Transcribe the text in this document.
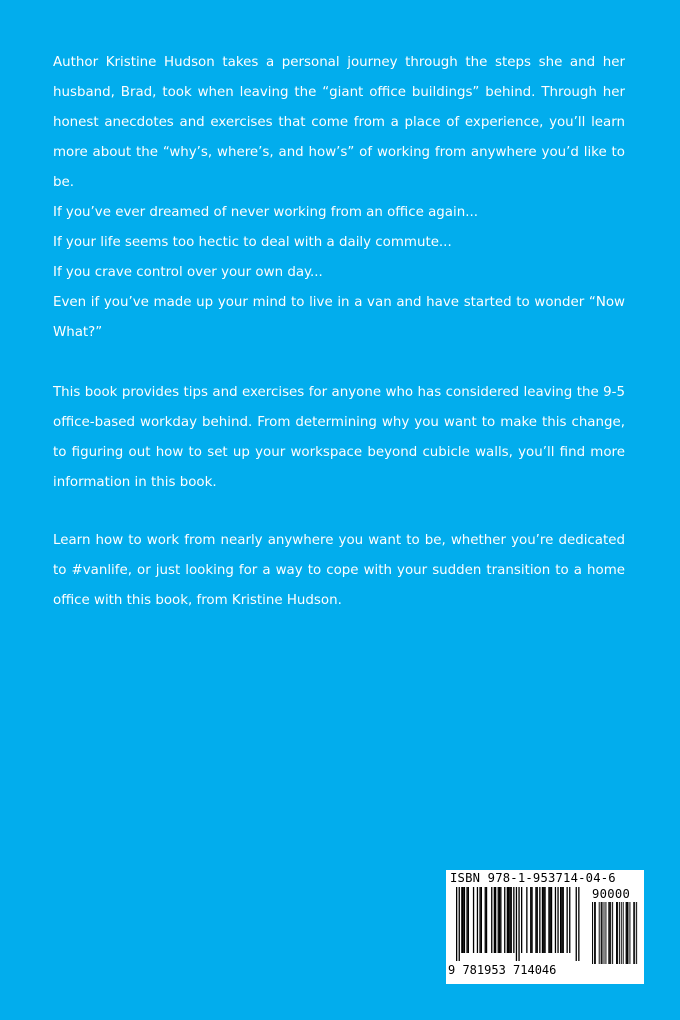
Author Kristine Hudson takes a personal journey through the steps she and her husband, Brad, took when leaving the “giant office buildings” behind. Through her honest anecdotes and exercises that come from a place of experience, you’ll learn more about the “why’s, where’s, and how’s” of working from anywhere you’d like to be.

If you’ve ever dreamed of never working from an office again...

If your life seems too hectic to deal with a daily commute...

If you crave control over your own day...

Even if you’ve made up your mind to live in a van and have started to wonder “Now What?”

This book provides tips and exercises for anyone who has considered leaving the 9-5 office-based workday behind. From determining why you want to make this change, to figuring out how to set up your workspace beyond cubicle walls, you’ll find more information in this book.

Learn how to work from nearly anywhere you want to be, whether you’re dedicated to #vanlife, or just looking for a way to cope with your sudden transition to a home office with this book, from Kristine Hudson.

ISBN 978-1-953714-04-6
90000
9 781953 714046
